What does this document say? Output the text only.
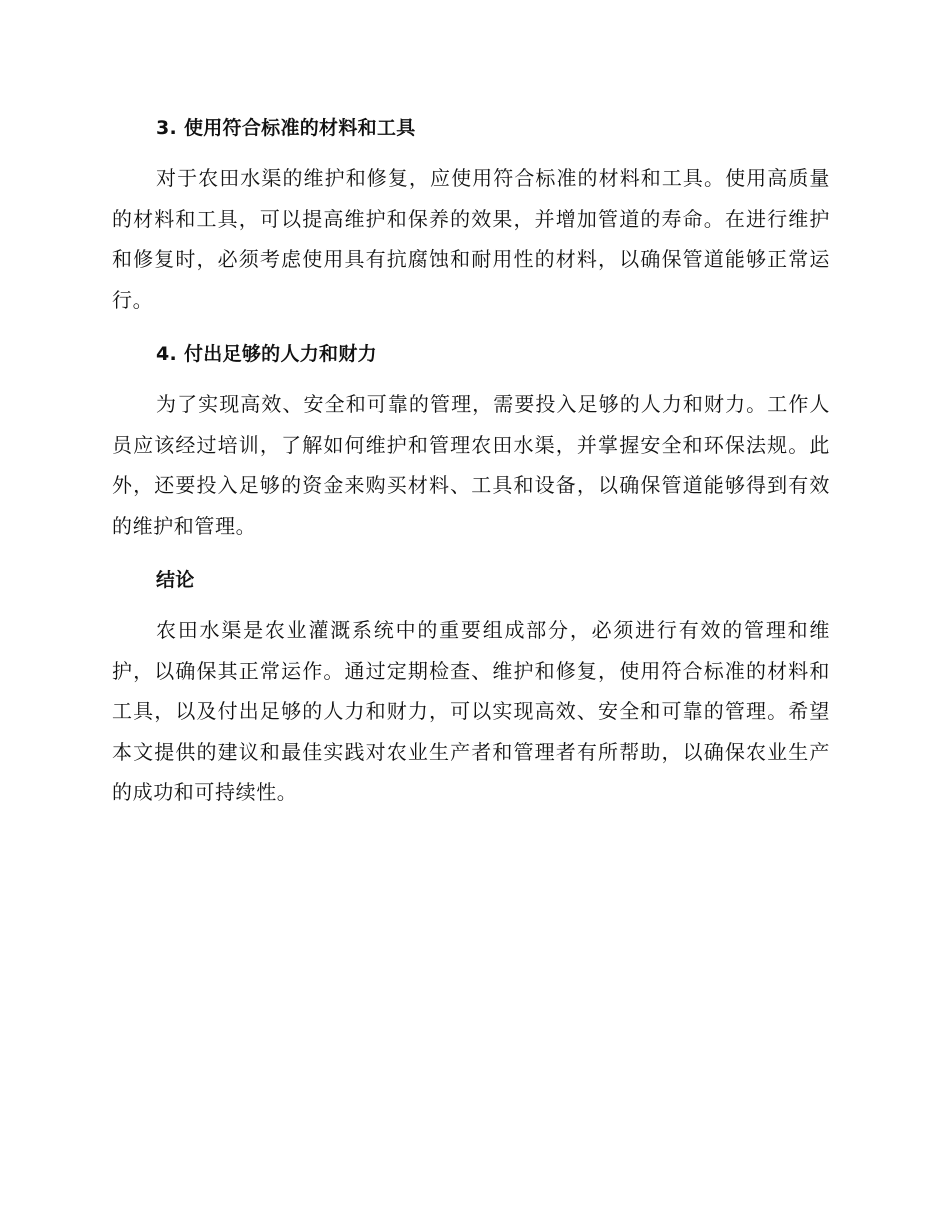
3. 使用符合标准的材料和工具

对于农田水渠的维护和修复，应使用符合标准的材料和工具。使用高质量的材料和工具，可以提高维护和保养的效果，并增加管道的寿命。在进行维护和修复时，必须考虑使用具有抗腐蚀和耐用性的材料，以确保管道能够正常运行。

4. 付出足够的人力和财力

为了实现高效、安全和可靠的管理，需要投入足够的人力和财力。工作人员应该经过培训，了解如何维护和管理农田水渠，并掌握安全和环保法规。此外，还要投入足够的资金来购买材料、工具和设备，以确保管道能够得到有效的维护和管理。

结论

农田水渠是农业灌溉系统中的重要组成部分，必须进行有效的管理和维护，以确保其正常运作。通过定期检查、维护和修复，使用符合标准的材料和工具，以及付出足够的人力和财力，可以实现高效、安全和可靠的管理。希望本文提供的建议和最佳实践对农业生产者和管理者有所帮助，以确保农业生产的成功和可持续性。
